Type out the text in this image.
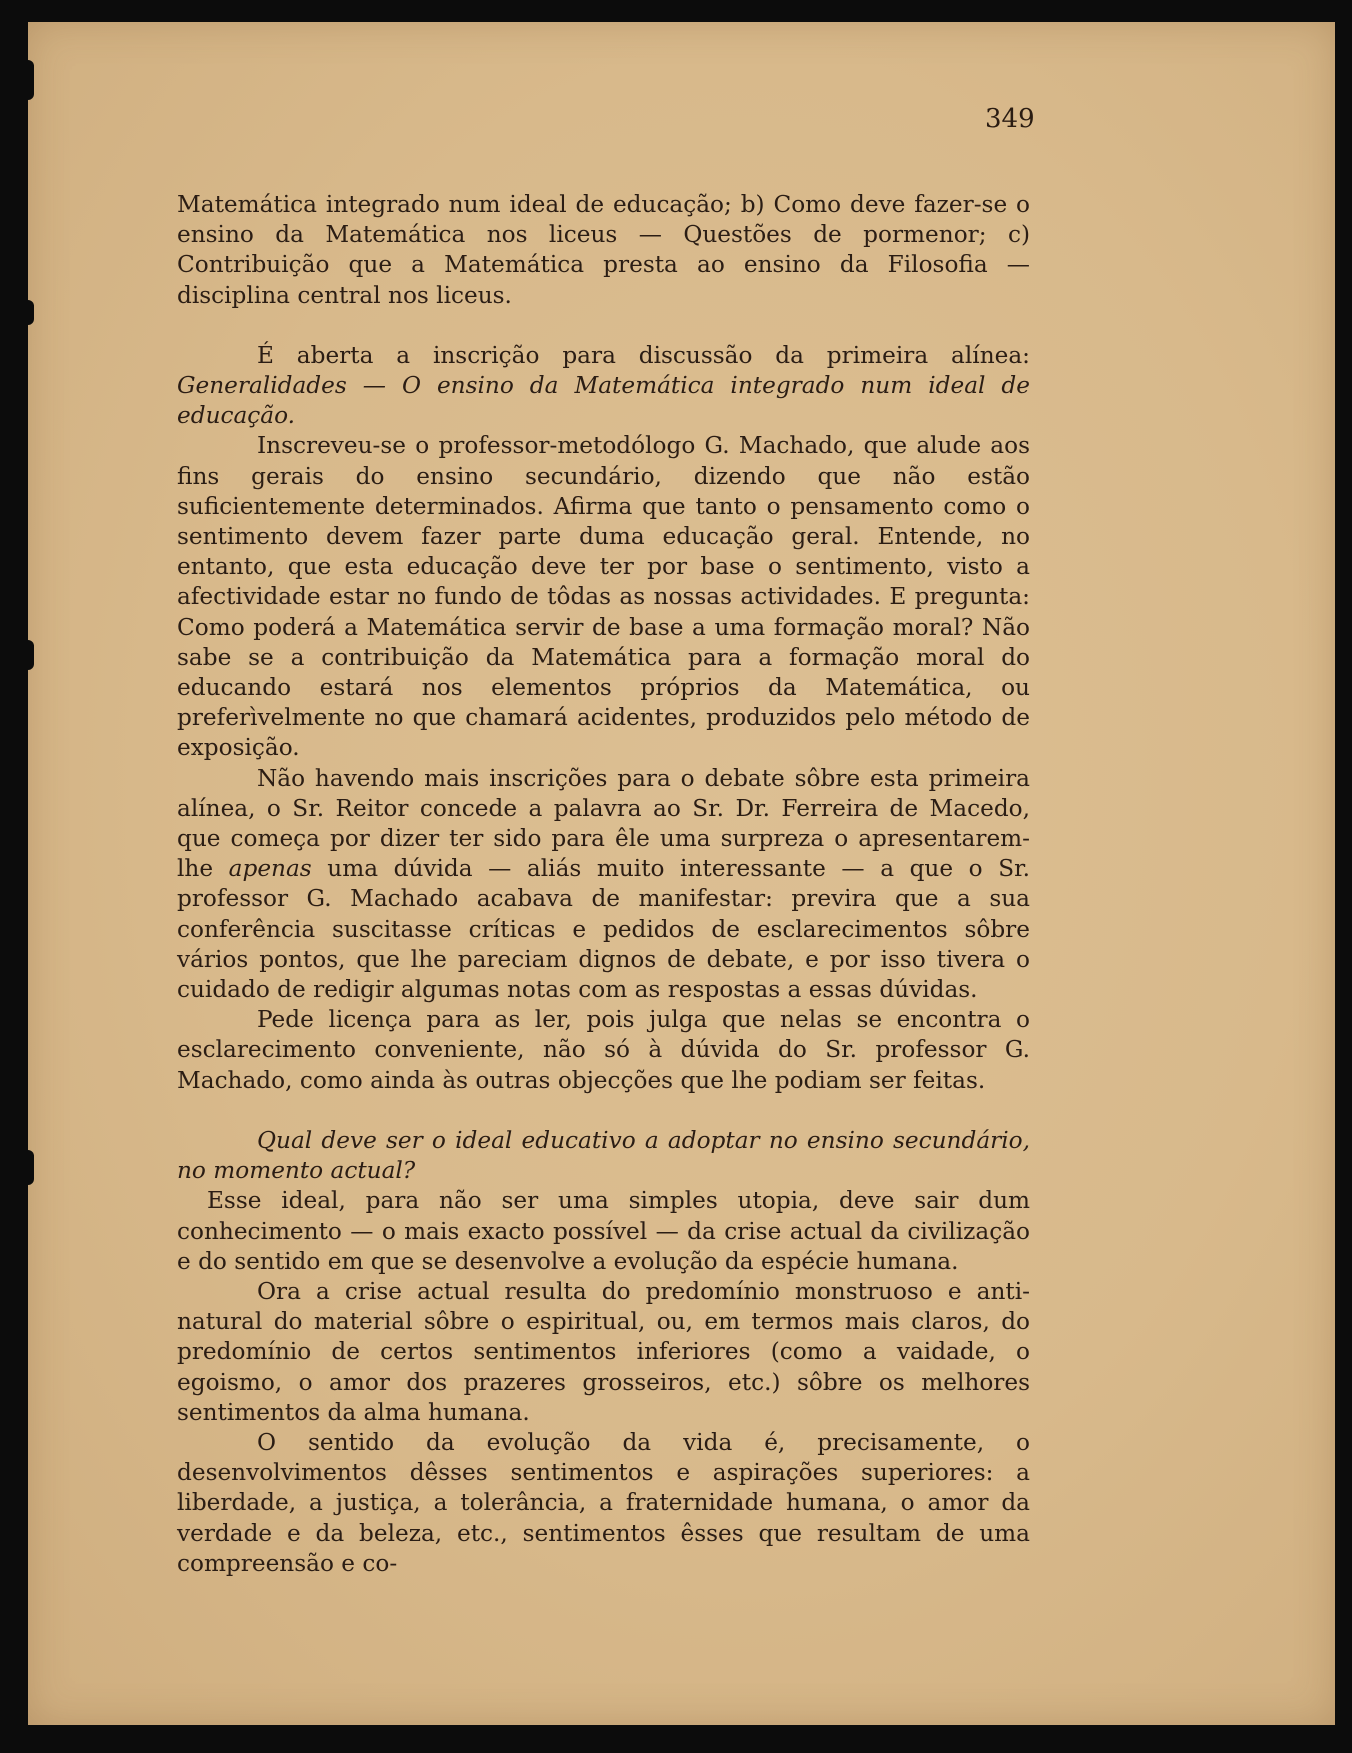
349

Matemática integrado num ideal de educação; b) Como deve fazer-se o ensino da Matemática nos liceus — Questões de pormenor; c) Contribuição que a Matemática presta ao ensino da Filosofia — disciplina central nos liceus.

É aberta a inscrição para discussão da primeira alínea: Generalidades — O ensino da Matemática integrado num ideal de educação.

Inscreveu-se o professor-metodólogo G. Machado, que alude aos fins gerais do ensino secundário, dizendo que não estão suficientemente determinados. Afirma que tanto o pensamento como o sentimento devem fazer parte duma educação geral. Entende, no entanto, que esta educação deve ter por base o sentimento, visto a afectividade estar no fundo de tôdas as nossas actividades. E pregunta: Como poderá a Matemática servir de base a uma formação moral? Não sabe se a contribuição da Matemática para a formação moral do educando estará nos elementos próprios da Matemática, ou preferìvelmente no que chamará acidentes, produzidos pelo método de exposição.

Não havendo mais inscrições para o debate sôbre esta primeira alínea, o Sr. Reitor concede a palavra ao Sr. Dr. Ferreira de Macedo, que começa por dizer ter sido para êle uma surpreza o apresentarem-lhe apenas uma dúvida — aliás muito interessante — a que o Sr. professor G. Machado acabava de manifestar: previra que a sua conferência suscitasse críticas e pedidos de esclarecimentos sôbre vários pontos, que lhe pareciam dignos de debate, e por isso tivera o cuidado de redigir algumas notas com as respostas a essas dúvidas.

Pede licença para as ler, pois julga que nelas se encontra o esclarecimento conveniente, não só à dúvida do Sr. professor G. Machado, como ainda às outras objecções que lhe podiam ser feitas.

Qual deve ser o ideal educativo a adoptar no ensino secundário, no momento actual?

Esse ideal, para não ser uma simples utopia, deve sair dum conhecimento — o mais exacto possível — da crise actual da civilização e do sentido em que se desenvolve a evolução da espécie humana.

Ora a crise actual resulta do predomínio monstruoso e anti-natural do material sôbre o espiritual, ou, em termos mais claros, do predomínio de certos sentimentos inferiores (como a vaidade, o egoismo, o amor dos prazeres grosseiros, etc.) sôbre os melhores sentimentos da alma humana.

O sentido da evolução da vida é, precisamente, o desenvolvimentos dêsses sentimentos e aspirações superiores: a liberdade, a justiça, a tolerância, a fraternidade humana, o amor da verdade e da beleza, etc., sentimentos êsses que resultam de uma compreensão e co-
